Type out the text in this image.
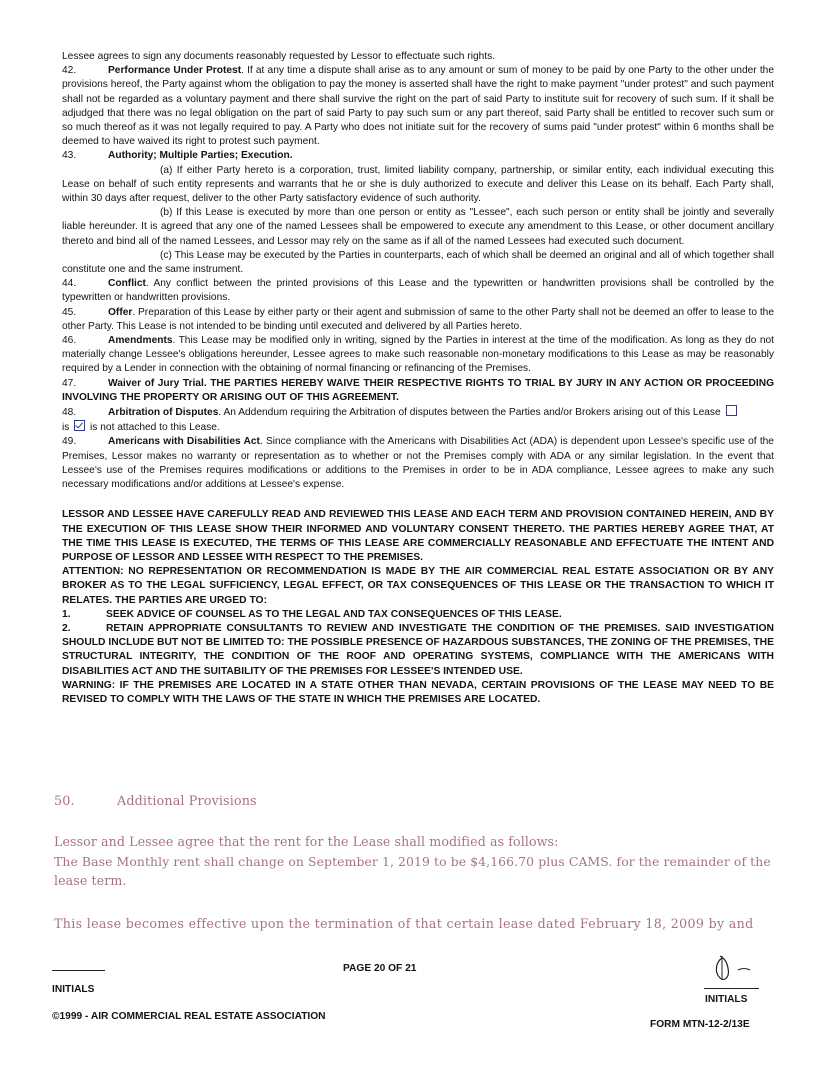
Lessee agrees to sign any documents reasonably requested by Lessor to effectuate such rights.

42.	Performance Under Protest. If at any time a dispute shall arise as to any amount or sum of money to be paid by one Party to the other under the provisions hereof, the Party against whom the obligation to pay the money is asserted shall have the right to make payment "under protest" and such payment shall not be regarded as a voluntary payment and there shall survive the right on the part of said Party to institute suit for recovery of such sum. If it shall be adjudged that there was no legal obligation on the part of said Party to pay such sum or any part thereof, said Party shall be entitled to recover such sum or so much thereof as it was not legally required to pay. A Party who does not initiate suit for the recovery of sums paid "under protest" within 6 months shall be deemed to have waived its right to protest such payment.

43.	Authority; Multiple Parties; Execution.

(a) If either Party hereto is a corporation, trust, limited liability company, partnership, or similar entity, each individual executing this Lease on behalf of such entity represents and warrants that he or she is duly authorized to execute and deliver this Lease on its behalf. Each Party shall, within 30 days after request, deliver to the other Party satisfactory evidence of such authority.

(b) If this Lease is executed by more than one person or entity as "Lessee", each such person or entity shall be jointly and severally liable hereunder. It is agreed that any one of the named Lessees shall be empowered to execute any amendment to this Lease, or other document ancillary thereto and bind all of the named Lessees, and Lessor may rely on the same as if all of the named Lessees had executed such document.

(c) This Lease may be executed by the Parties in counterparts, each of which shall be deemed an original and all of which together shall constitute one and the same instrument.

44.	Conflict. Any conflict between the printed provisions of this Lease and the typewritten or handwritten provisions shall be controlled by the typewritten or handwritten provisions.

45.	Offer. Preparation of this Lease by either party or their agent and submission of same to the other Party shall not be deemed an offer to lease to the other Party. This Lease is not intended to be binding until executed and delivered by all Parties hereto.

46.	Amendments. This Lease may be modified only in writing, signed by the Parties in interest at the time of the modification. As long as they do not materially change Lessee's obligations hereunder, Lessee agrees to make such reasonable non-monetary modifications to this Lease as may be reasonably required by a Lender in connection with the obtaining of normal financing or refinancing of the Premises.

47.	Waiver of Jury Trial. THE PARTIES HEREBY WAIVE THEIR RESPECTIVE RIGHTS TO TRIAL BY JURY IN ANY ACTION OR PROCEEDING INVOLVING THE PROPERTY OR ARISING OUT OF THIS AGREEMENT.

48.	Arbitration of Disputes. An Addendum requiring the Arbitration of disputes between the Parties and/or Brokers arising out of this Lease
is is not attached to this Lease.

49.	Americans with Disabilities Act. Since compliance with the Americans with Disabilities Act (ADA) is dependent upon Lessee's specific use of the Premises, Lessor makes no warranty or representation as to whether or not the Premises comply with ADA or any similar legislation. In the event that Lessee's use of the Premises requires modifications or additions to the Premises in order to be in ADA compliance, Lessee agrees to make any such necessary modifications and/or additions at Lessee's expense.

LESSOR AND LESSEE HAVE CAREFULLY READ AND REVIEWED THIS LEASE AND EACH TERM AND PROVISION CONTAINED HEREIN, AND BY THE EXECUTION OF THIS LEASE SHOW THEIR INFORMED AND VOLUNTARY CONSENT THERETO. THE PARTIES HEREBY AGREE THAT, AT THE TIME THIS LEASE IS EXECUTED, THE TERMS OF THIS LEASE ARE COMMERCIALLY REASONABLE AND EFFECTUATE THE INTENT AND PURPOSE OF LESSOR AND LESSEE WITH RESPECT TO THE PREMISES.

ATTENTION: NO REPRESENTATION OR RECOMMENDATION IS MADE BY THE AIR COMMERCIAL REAL ESTATE ASSOCIATION OR BY ANY BROKER AS TO THE LEGAL SUFFICIENCY, LEGAL EFFECT, OR TAX CONSEQUENCES OF THIS LEASE OR THE TRANSACTION TO WHICH IT RELATES. THE PARTIES ARE URGED TO:

1.	SEEK ADVICE OF COUNSEL AS TO THE LEGAL AND TAX CONSEQUENCES OF THIS LEASE.

2.	RETAIN APPROPRIATE CONSULTANTS TO REVIEW AND INVESTIGATE THE CONDITION OF THE PREMISES. SAID INVESTIGATION SHOULD INCLUDE BUT NOT BE LIMITED TO: THE POSSIBLE PRESENCE OF HAZARDOUS SUBSTANCES, THE ZONING OF THE PREMISES, THE STRUCTURAL INTEGRITY, THE CONDITION OF THE ROOF AND OPERATING SYSTEMS, COMPLIANCE WITH THE AMERICANS WITH DISABILITIES ACT AND THE SUITABILITY OF THE PREMISES FOR LESSEE'S INTENDED USE.

WARNING: IF THE PREMISES ARE LOCATED IN A STATE OTHER THAN NEVADA, CERTAIN PROVISIONS OF THE LEASE MAY NEED TO BE REVISED TO COMPLY WITH THE LAWS OF THE STATE IN WHICH THE PREMISES ARE LOCATED.

50.	Additional Provisions
Lessor and Lessee agree that the rent for the Lease shall modified as follows:
The Base Monthly rent shall change on September 1, 2019 to be $4,166.70 plus CAMS. for the remainder of the
lease term.
This lease becomes effective upon the termination of that certain lease dated February 18, 2009 by and
INITIALS
PAGE 20 OF 21
INITIALS
©1999 - AIR COMMERCIAL REAL ESTATE ASSOCIATION
FORM MTN-12-2/13E
